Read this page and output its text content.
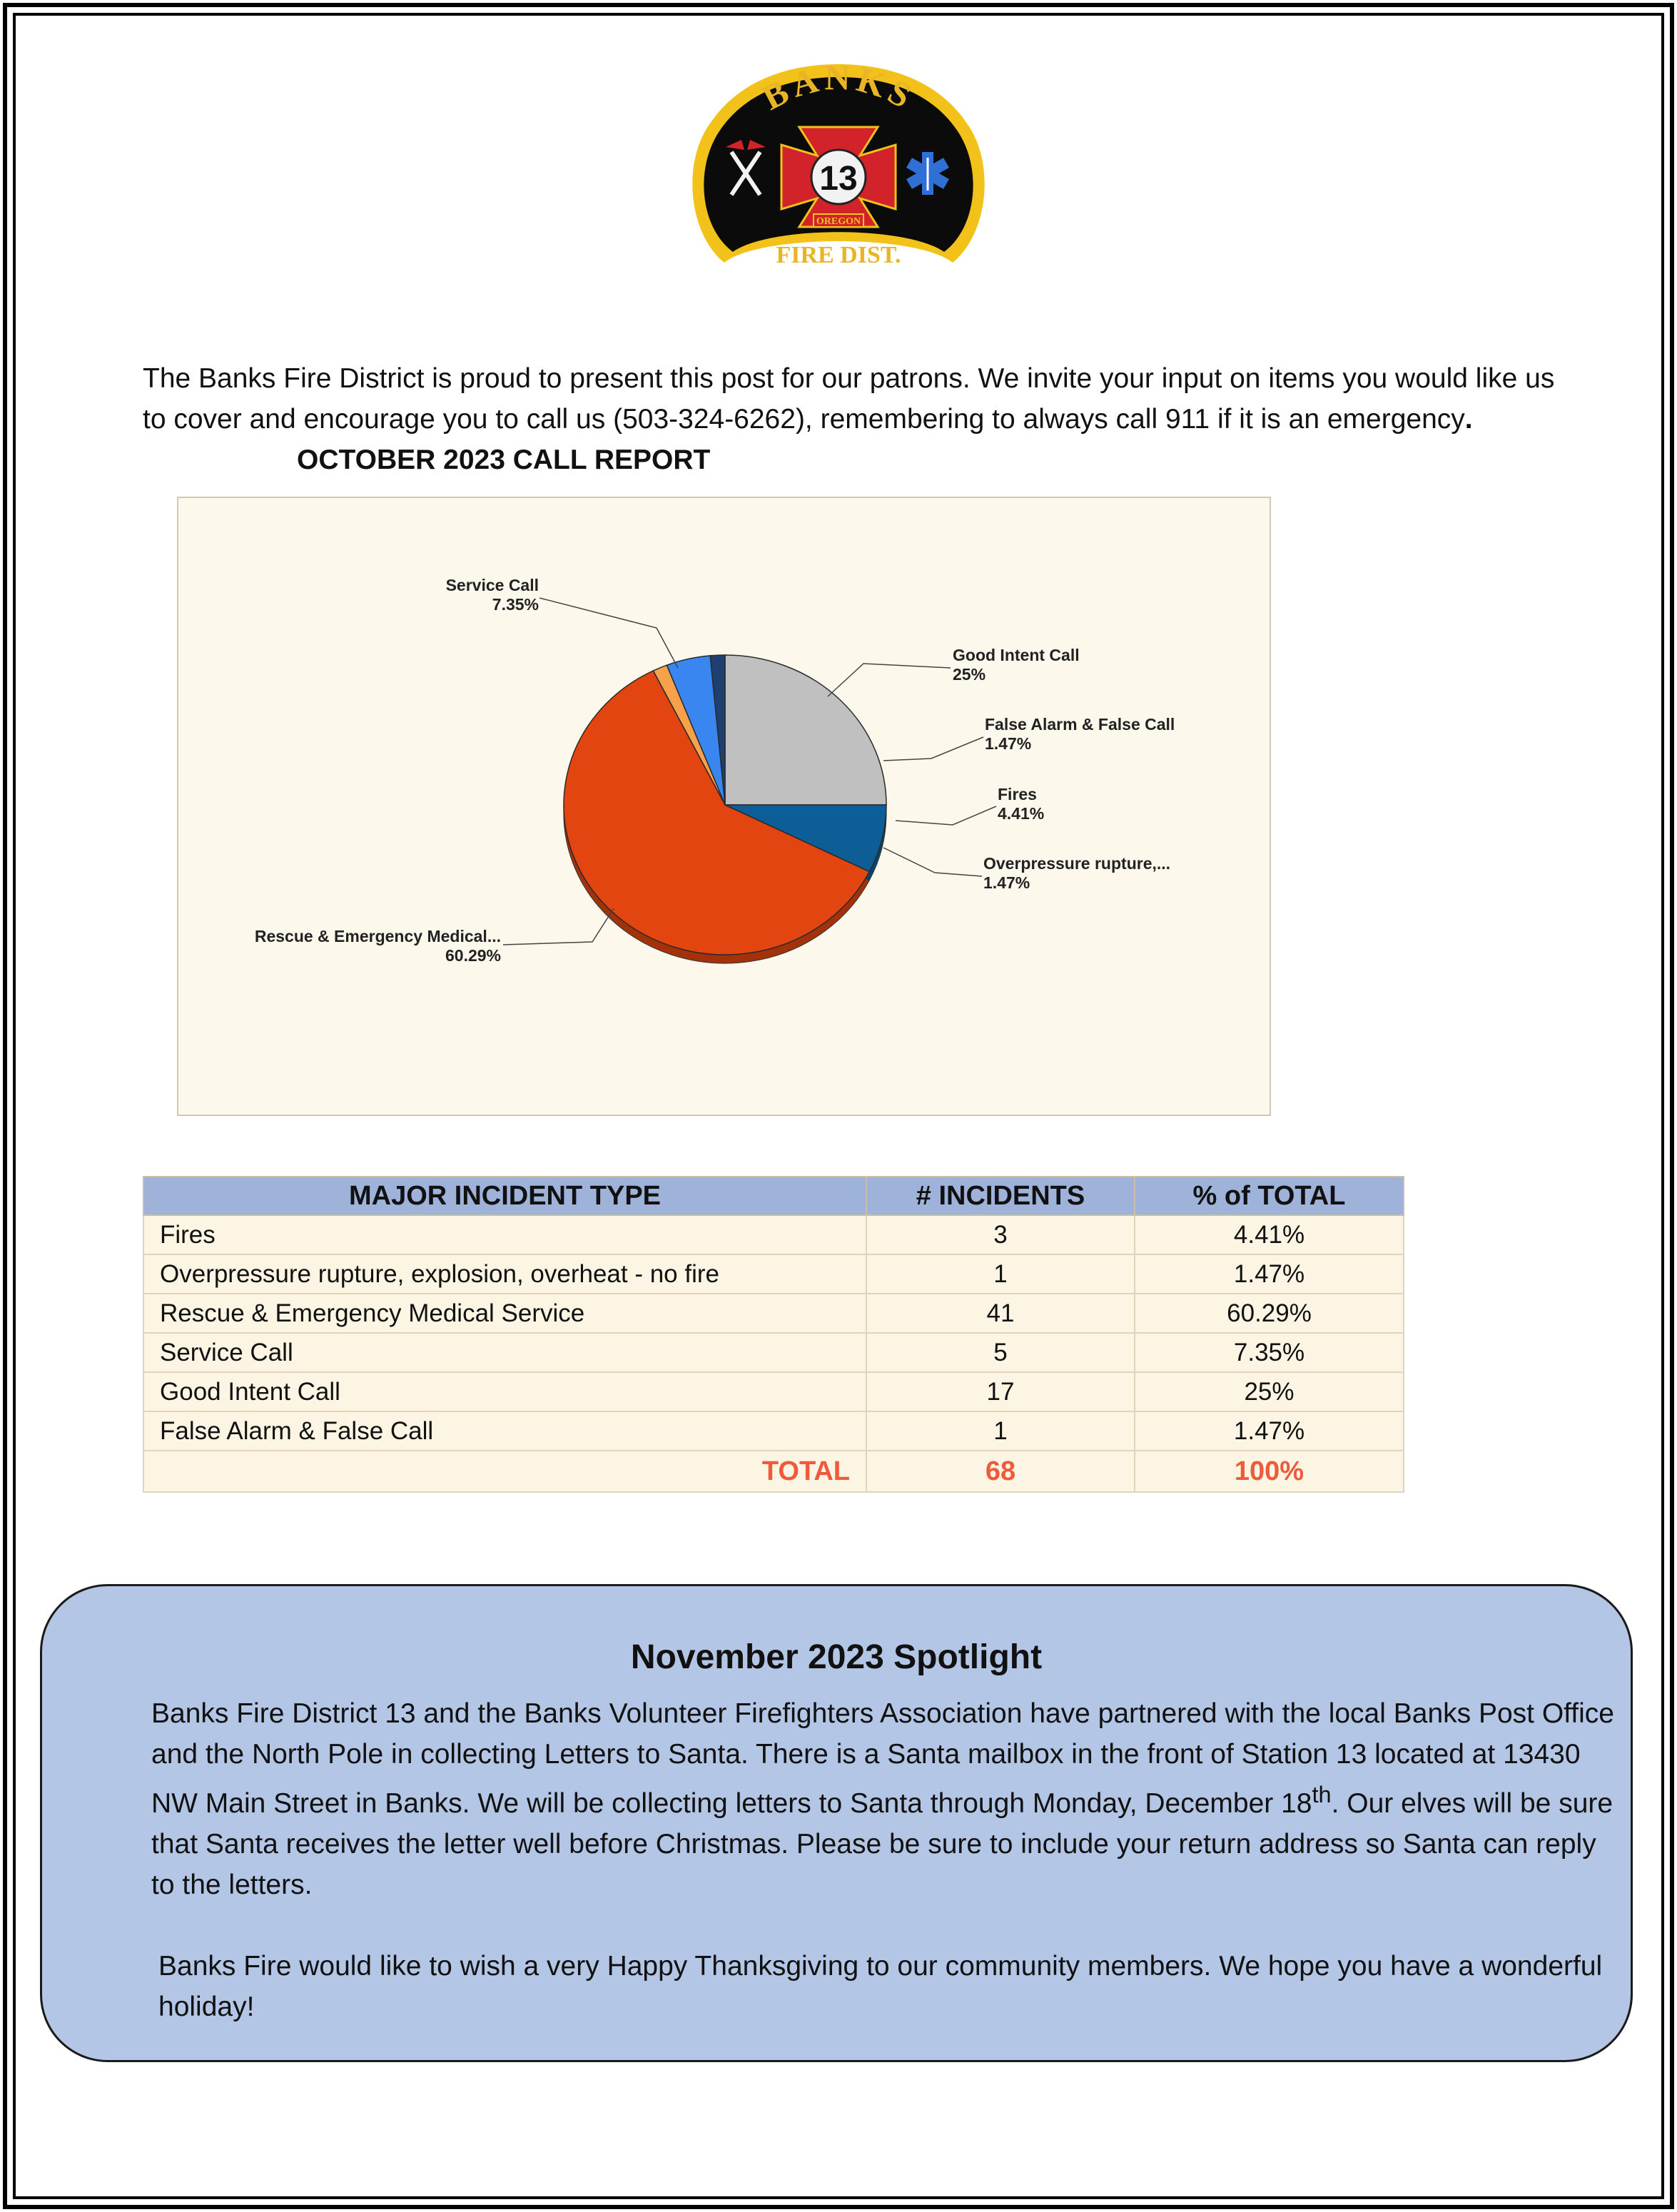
BANKS
13
OREGON
FIRE DIST.
The Banks Fire District is proud to present this post for our patrons. We invite your input on items you would like us to cover and encourage you to call us (503-324-6262), remembering to always call 911 if it is an emergency. OCTOBER 2023 CALL REPORT
Good Intent Call
25%
False Alarm & False Call
1.47%
Fires
4.41%
Overpressure rupture,...
1.47%
Rescue & Emergency Medical...
60.29%
Service Call
7.35%
MAJOR INCIDENT TYPE	# INCIDENTS	% of TOTAL
Fires	3	4.41%
Overpressure rupture, explosion, overheat - no fire	1	1.47%
Rescue & Emergency Medical Service	41	60.29%
Service Call	5	7.35%
Good Intent Call	17	25%
False Alarm & False Call	1	1.47%
TOTAL	68	100%
November 2023 Spotlight

Banks Fire District 13 and the Banks Volunteer Firefighters Association have partnered with the local Banks Post Office and the North Pole in collecting Letters to Santa. There is a Santa mailbox in the front of Station 13 located at 13430 NW Main Street in Banks. We will be collecting letters to Santa through Monday, December 18th. Our elves will be sure that Santa receives the letter well before Christmas. Please be sure to include your return address so Santa can reply to the letters.

Banks Fire would like to wish a very Happy Thanksgiving to our community members. We hope you have a wonderful holiday!
